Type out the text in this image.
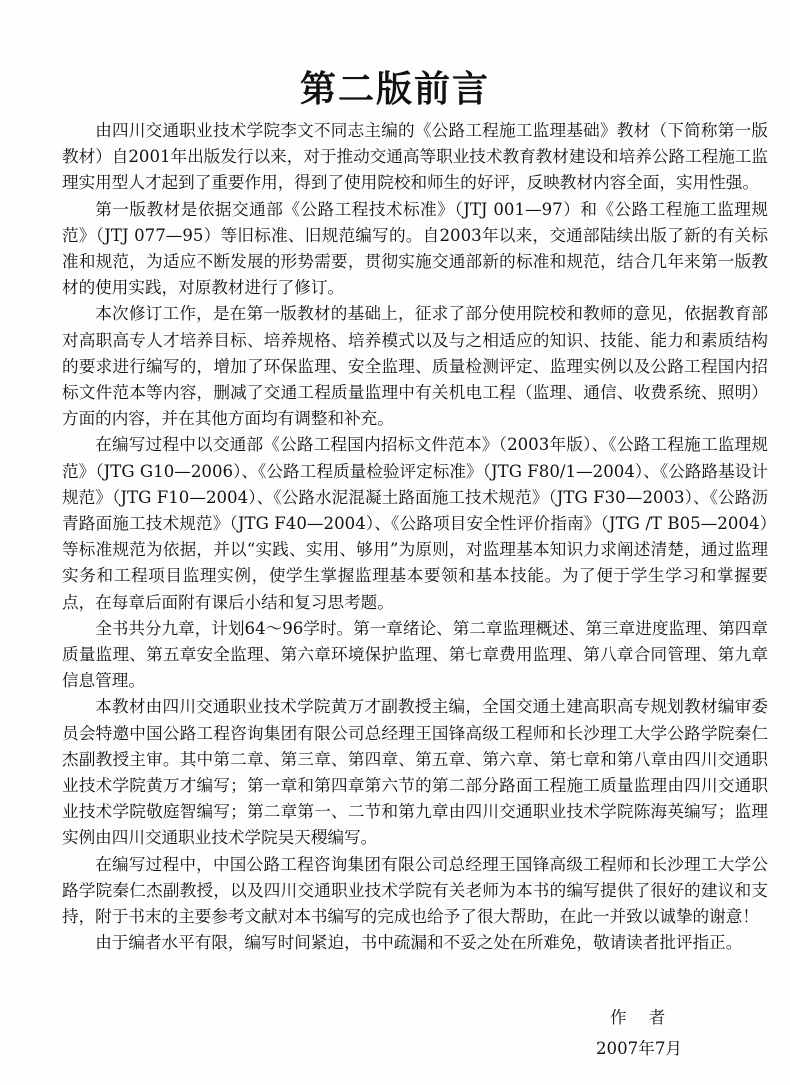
第二版前言

由四川交通职业技术学院李文不同志主编的《公路工程施工监理基础》教材（下简称第一版教材）自2001年出版发行以来，对于推动交通高等职业技术教育教材建设和培养公路工程施工监理实用型人才起到了重要作用，得到了使用院校和师生的好评，反映教材内容全面，实用性强。

第一版教材是依据交通部《公路工程技术标准》（JTJ 001—97）和《公路工程施工监理规范》（JTJ 077—95）等旧标准、旧规范编写的。自2003年以来，交通部陆续出版了新的有关标准和规范，为适应不断发展的形势需要，贯彻实施交通部新的标准和规范，结合几年来第一版教材的使用实践，对原教材进行了修订。

本次修订工作，是在第一版教材的基础上，征求了部分使用院校和教师的意见，依据教育部对高职高专人才培养目标、培养规格、培养模式以及与之相适应的知识、技能、能力和素质结构的要求进行编写的，增加了环保监理、安全监理、质量检测评定、监理实例以及公路工程国内招标文件范本等内容，删减了交通工程质量监理中有关机电工程（监理、通信、收费系统、照明）方面的内容，并在其他方面均有调整和补充。

在编写过程中以交通部《公路工程国内招标文件范本》（2003年版）、《公路工程施工监理规范》（JTG G10—2006）、《公路工程质量检验评定标准》（JTG F80/1—2004）、《公路路基设计规范》（JTG F10—2004）、《公路水泥混凝土路面施工技术规范》（JTG F30—2003）、《公路沥青路面施工技术规范》（JTG F40—2004）、《公路项目安全性评价指南》（JTG /T B05—2004）等标准规范为依据，并以“实践、实用、够用”为原则，对监理基本知识力求阐述清楚，通过监理实务和工程项目监理实例，使学生掌握监理基本要领和基本技能。为了便于学生学习和掌握要点，在每章后面附有课后小结和复习思考题。

全书共分九章，计划64～96学时。第一章绪论、第二章监理概述、第三章进度监理、第四章质量监理、第五章安全监理、第六章环境保护监理、第七章费用监理、第八章合同管理、第九章信息管理。

本教材由四川交通职业技术学院黄万才副教授主编，全国交通土建高职高专规划教材编审委员会特邀中国公路工程咨询集团有限公司总经理王国锋高级工程师和长沙理工大学公路学院秦仁杰副教授主审。其中第二章、第三章、第四章、第五章、第六章、第七章和第八章由四川交通职业技术学院黄万才编写；第一章和第四章第六节的第二部分路面工程施工质量监理由四川交通职业技术学院敬庭智编写；第二章第一、二节和第九章由四川交通职业技术学院陈海英编写；监理实例由四川交通职业技术学院吴天稷编写。

在编写过程中，中国公路工程咨询集团有限公司总经理王国锋高级工程师和长沙理工大学公路学院秦仁杰副教授，以及四川交通职业技术学院有关老师为本书的编写提供了很好的建议和支持，附于书末的主要参考文献对本书编写的完成也给予了很大帮助，在此一并致以诚挚的谢意！

由于编者水平有限，编写时间紧迫，书中疏漏和不妥之处在所难免，敬请读者批评指正。

作者
2007年7月
